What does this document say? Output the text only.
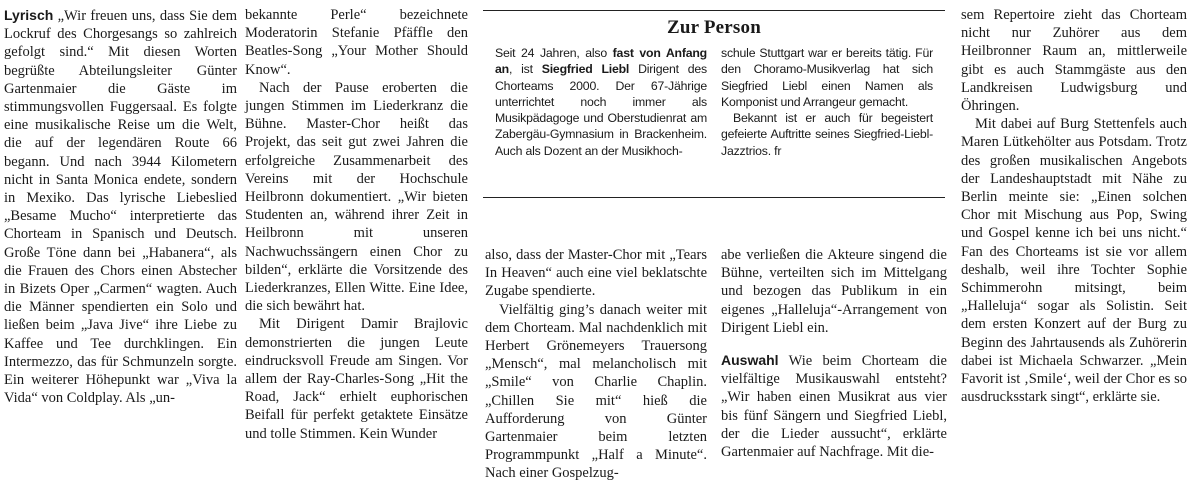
Lyrisch „Wir freuen uns, dass Sie dem Lockruf des Chorgesangs so zahlreich gefolgt sind.“ Mit diesen Worten begrüßte Abteilungsleiter Günter Gartenmaier die Gäste im stimmungsvollen Fuggersaal. Es folgte eine musikalische Reise um die Welt, die auf der legendären Route 66 begann. Und nach 3944 Kilometern nicht in Santa Monica endete, sondern in Mexiko. Das lyrische Liebeslied „Besame Mucho“ interpretierte das Chorteam in Spanisch und Deutsch. Große Töne dann bei „Habanera“, als die Frauen des Chors einen Abstecher in Bizets Oper „Carmen“ wagten. Auch die Männer spendierten ein Solo und ließen beim „Java Jive“ ihre Liebe zu Kaffee und Tee durchklingen. Ein Intermezzo, das für Schmunzeln sorgte. Ein weiterer Höhepunkt war „Viva la Vida“ von Coldplay. Als „un-

bekannte Perle“ bezeichnete Moderatorin Stefanie Pfäffle den Beatles-Song „Your Mother Should Know“.

Nach der Pause eroberten die jungen Stimmen im Liederkranz die Bühne. Master-Chor heißt das Projekt, das seit gut zwei Jahren die erfolgreiche Zusammenarbeit des Vereins mit der Hochschule Heilbronn dokumentiert. „Wir bieten Studenten an, während ihrer Zeit in Heilbronn mit unseren Nachwuchssängern einen Chor zu bilden“, erklärte die Vorsitzende des Liederkranzes, Ellen Witte. Eine Idee, die sich bewährt hat.

Mit Dirigent Damir Brajlovic demonstrierten die jungen Leute eindrucksvoll Freude am Singen. Vor allem der Ray-Charles-Song „Hit the Road, Jack“ erhielt euphorischen Beifall für perfekt getaktete Einsätze und tolle Stimmen. Kein Wunder

Zur Person

Seit 24 Jahren, also fast von Anfang an, ist Siegfried Liebl Dirigent des Chorteams 2000. Der 67-Jährige unterrichtet noch immer als Musikpädagoge und Oberstudienrat am Zabergäu-Gymnasium in Brackenheim. Auch als Dozent an der Musikhoch-

schule Stuttgart war er bereits tätig. Für den Choramo-Musikverlag hat sich Siegfried Liebl einen Namen als Komponist und Arrangeur gemacht.

Bekannt ist er auch für begeistert gefeierte Auftritte seines Siegfried-Liebl-Jazztrios. fr

also, dass der Master-Chor mit „Tears In Heaven“ auch eine viel beklatschte Zugabe spendierte.

Vielfältig ging’s danach weiter mit dem Chorteam. Mal nachdenklich mit Herbert Grönemeyers Trauersong „Mensch“, mal melancholisch mit „Smile“ von Charlie Chaplin. „Chillen Sie mit“ hieß die Aufforderung von Günter Gartenmaier beim letzten Programmpunkt „Half a Minute“. Nach einer Gospelzug-

abe verließen die Akteure singend die Bühne, verteilten sich im Mittelgang und bezogen das Publikum in ein eigenes „Halleluja“-Arrangement von Dirigent Liebl ein.

Auswahl Wie beim Chorteam die vielfältige Musikauswahl entsteht? „Wir haben einen Musikrat aus vier bis fünf Sängern und Siegfried Liebl, der die Lieder aussucht“, erklärte Gartenmaier auf Nachfrage. Mit die-

sem Repertoire zieht das Chorteam nicht nur Zuhörer aus dem Heilbronner Raum an, mittlerweile gibt es auch Stammgäste aus den Landkreisen Ludwigsburg und Öhringen.

Mit dabei auf Burg Stettenfels auch Maren Lütkehölter aus Potsdam. Trotz des großen musikalischen Angebots der Landeshauptstadt mit Nähe zu Berlin meinte sie: „Einen solchen Chor mit Mischung aus Pop, Swing und Gospel kenne ich bei uns nicht.“ Fan des Chorteams ist sie vor allem deshalb, weil ihre Tochter Sophie Schimmerohn mitsingt, beim „Halleluja“ sogar als Solistin. Seit dem ersten Konzert auf der Burg zu Beginn des Jahrtausends als Zuhörerin dabei ist Michaela Schwarzer. „Mein Favorit ist ‚Smile‘, weil der Chor es so ausdrucksstark singt“, erklärte sie.
